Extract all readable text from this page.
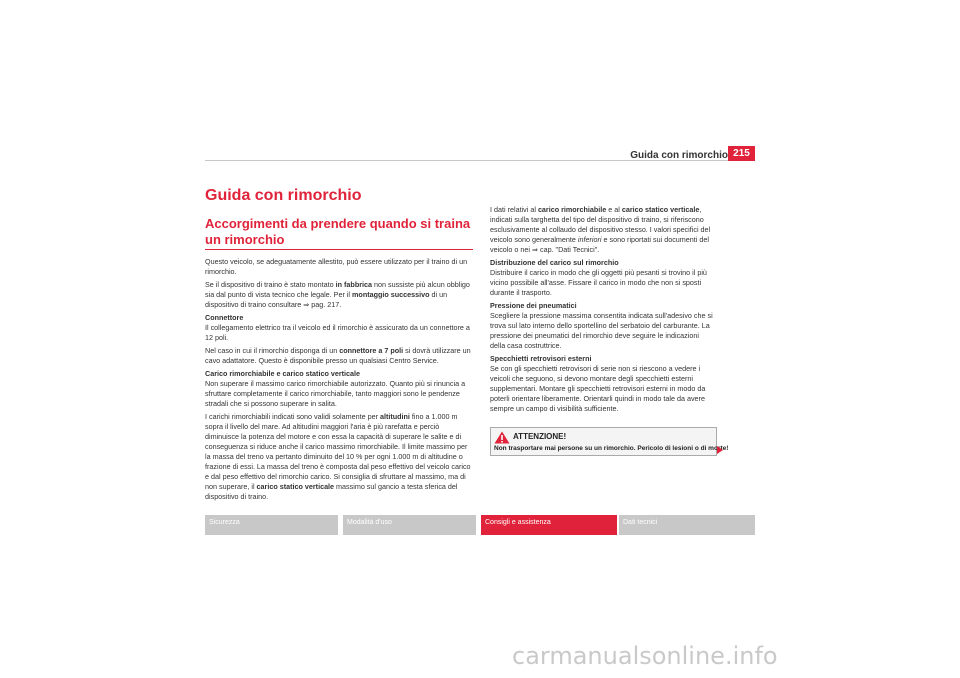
Guida con rimorchio 215
Guida con rimorchio
Accorgimenti da prendere quando si traina un rimorchio

Questo veicolo, se adeguatamente allestito, può essere utilizzato per il traino di un rimorchio.

Se il dispositivo di traino è stato montato in fabbrica non sussiste più alcun obbligo sia dal punto di vista tecnico che legale. Per il montaggio successivo di un dispositivo di traino consultare ⇒ pag. 217.

Connettore

Il collegamento elettrico tra il veicolo ed il rimorchio è assicurato da un connettore a 12 poli.

Nel caso in cui il rimorchio disponga di un connettore a 7 poli si dovrà utilizzare un cavo adattatore. Questo è disponibile presso un qualsiasi Centro Service.

Carico rimorchiabile e carico statico verticale

Non superare il massimo carico rimorchiabile autorizzato. Quanto più si rinuncia a sfruttare completamente il carico rimorchiabile, tanto maggiori sono le pendenze stradali che si possono superare in salita.

I carichi rimorchiabili indicati sono validi solamente per altitudini fino a 1.000 m sopra il livello del mare. Ad altitudini maggiori l'aria è più rarefatta e perciò diminuisce la potenza del motore e con essa la capacità di superare le salite e di conseguenza si riduce anche il carico massimo rimorchiabile. Il limite massimo per la massa del treno va pertanto diminuito del 10 % per ogni 1.000 m di altitudine o frazione di essi. La massa del treno è composta dal peso effettivo del veicolo carico e dal peso effettivo del rimorchio carico. Si consiglia di sfruttare al massimo, ma di non superare, il carico statico verticale massimo sul gancio a testa sferica del dispositivo di traino.

I dati relativi al carico rimorchiabile e al carico statico verticale, indicati sulla targhetta del tipo del dispositivo di traino, si riferiscono esclusivamente al collaudo del dispositivo stesso. I valori specifici del veicolo sono generalmente inferiori e sono riportati sui documenti del veicolo o nei ⇒ cap. "Dati Tecnici".

Distribuzione del carico sul rimorchio

Distribuire il carico in modo che gli oggetti più pesanti si trovino il più vicino possibile all'asse. Fissare il carico in modo che non si sposti durante il trasporto.

Pressione dei pneumatici

Scegliere la pressione massima consentita indicata sull'adesivo che si trova sul lato interno dello sportellino del serbatoio del carburante. La pressione dei pneumatici del rimorchio deve seguire le indicazioni della casa costruttrice.

Specchietti retrovisori esterni

Se con gli specchietti retrovisori di serie non si riescono a vedere i veicoli che seguono, si devono montare degli specchietti esterni supplementari. Montare gli specchietti retrovisori esterni in modo da poterli orientare liberamente. Orientarli quindi in modo tale da avere sempre un campo di visibilità sufficiente.

ATTENZIONE!
Non trasportare mai persone su un rimorchio. Pericolo di lesioni o di morte!
Sicurezza	Modalità d'uso	Consigli e assistenza	Dati tecnici
carmanualsonline.info
